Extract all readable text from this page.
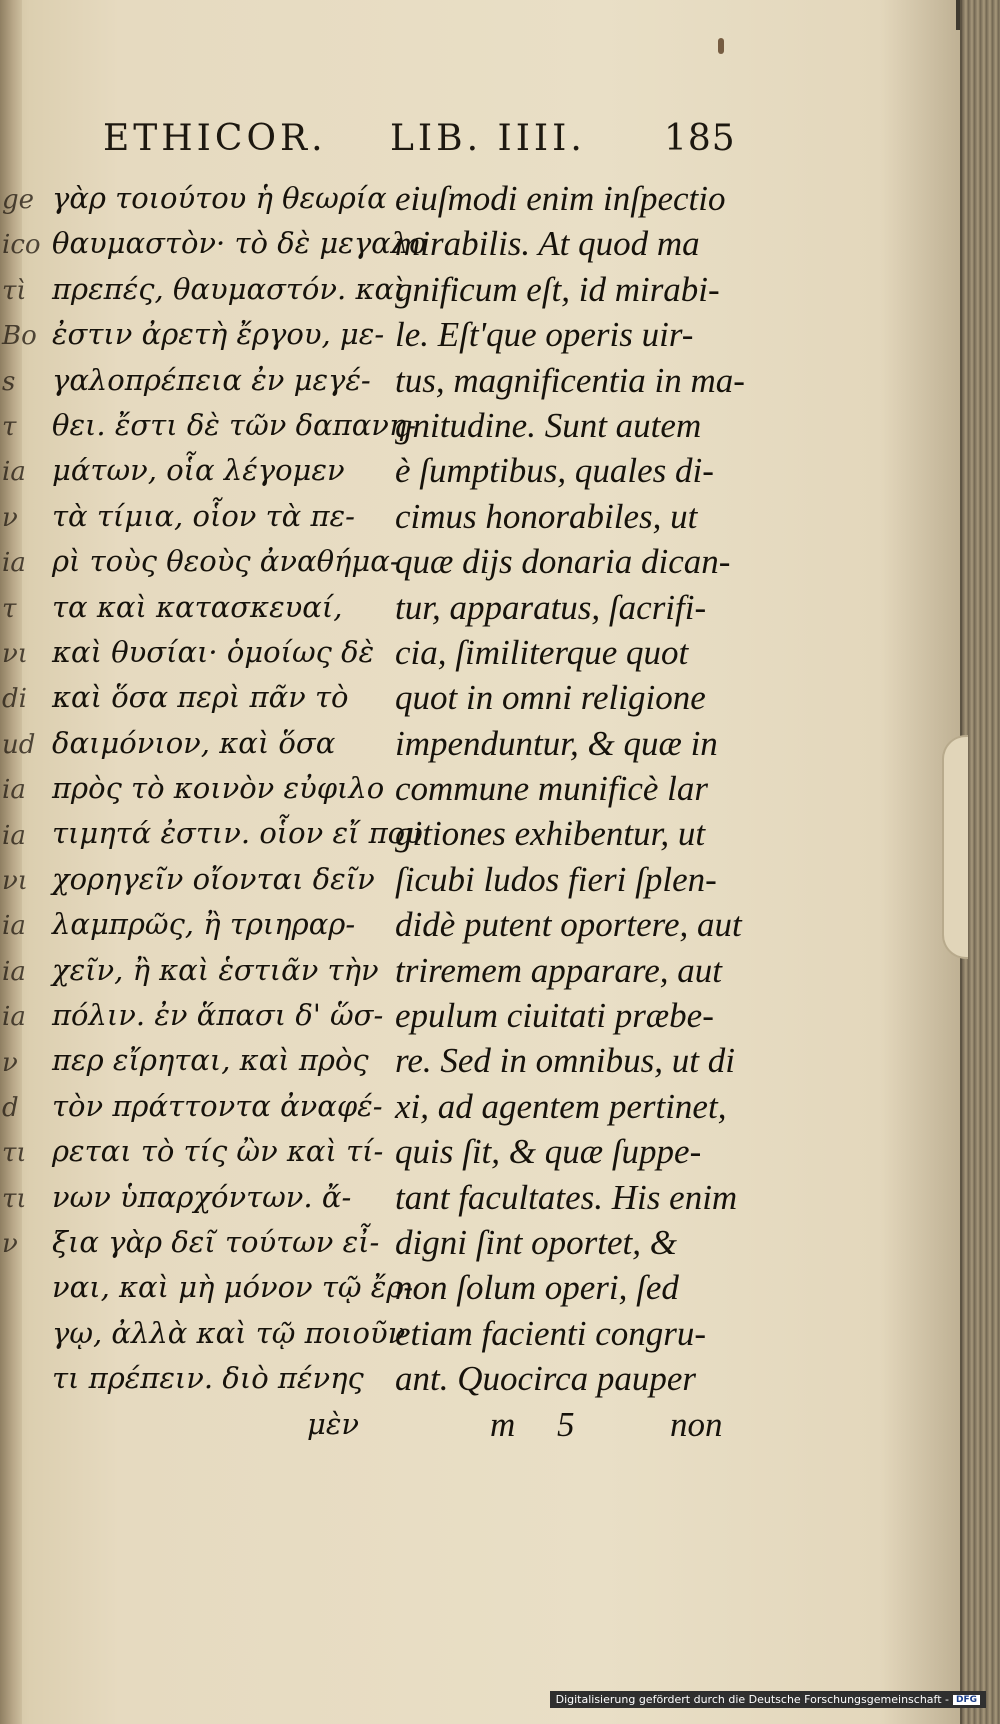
ge
ico
τὶ
Bo
s
τ
ia
ν
ia
τ
νι
di
ud
ia
ia
νι
ia
ia
ia
ν
d
τι
τι
ν
ETHICOR. LIB. IIII. 185
γὰρ τοιούτου ἡ θεωρία
θαυμαστὸν· τὸ δὲ μεγαλο
πρεπές, θαυμαστόν. καὶ
ἐστιν ἀρετὴ ἔργου, με-
γαλοπρέπεια ἐν μεγέ-
θει. ἔστι δὲ τῶν δαπανη-
μάτων, οἷα λέγομεν
τὰ τίμια, οἷον τὰ πε-
ρὶ τοὺς θεοὺς ἀναθήμα-
τα καὶ κατασκευαί,
καὶ θυσίαι· ὁμοίως δὲ
καὶ ὅσα περὶ πᾶν τὸ
δαιμόνιον, καὶ ὅσα
πρὸς τὸ κοινὸν εὐφιλο
τιμητά ἐστιν. οἷον εἴ που
χορηγεῖν οἴονται δεῖν
λαμπρῶς, ἢ τριηραρ-
χεῖν, ἢ καὶ ἑστιᾶν τὴν
πόλιν. ἐν ἅπασι δ' ὥσ-
περ εἴρηται, καὶ πρὸς
τὸν πράττοντα ἀναφέ-
ρεται τὸ τίς ὢν καὶ τί-
νων ὑπαρχόντων. ἄ-
ξια γὰρ δεῖ τούτων εἶ-
ναι, καὶ μὴ μόνον τῷ ἔρ-
γῳ, ἀλλὰ καὶ τῷ ποιοῦν
τι πρέπειν. διὸ πένης
μὲν
eiuſmodi enim inſpectio
mirabilis. At quod ma
gnificum eſt, id mirabi-
le. Eſt'que operis uir-
tus, magnificentia in ma-
gnitudine. Sunt autem
è ſumptibus, quales di-
cimus honorabiles, ut
quæ dijs donaria dican-
tur, apparatus, ſacrifi-
cia, ſimiliterque quot
quot in omni religione
impenduntur, & quæ in
commune munificè lar
gitiones exhibentur, ut
ſicubi ludos fieri ſplen-
didè putent oportere, aut
triremem apparare, aut
epulum ciuitati præbe-
re. Sed in omnibus, ut di
xi, ad agentem pertinet,
quis ſit, & quæ ſuppe-
tant facultates. His enim
digni ſint oportet, &
non ſolum operi, ſed
etiam facienti congru-
ant. Quocirca pauper
m 5	non
Digitalisierung gefördert durch die Deutsche Forschungsgemeinschaft - DFG
